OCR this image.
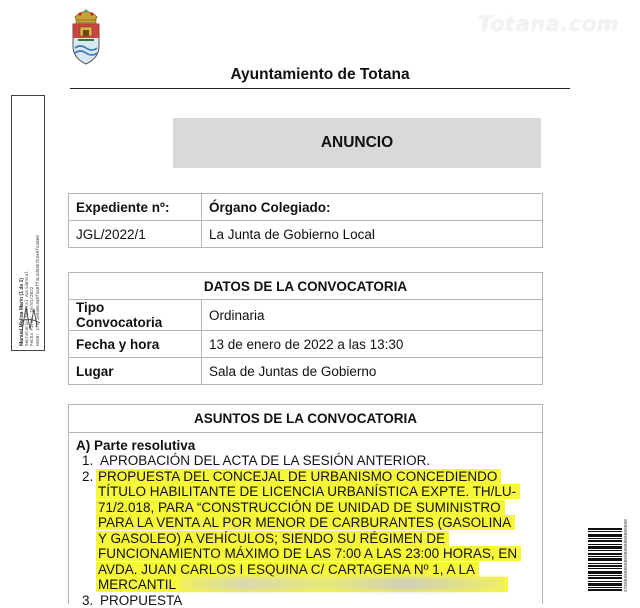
Totana.com
Ayuntamiento de Totana
Manuel Molina Marin (1 de 1) Secretario General Accidental Fecha Firma: 10/01/2022 HASH: 1f9f1e9a8c4a8f3a0ff4c3d56b7b2e9fa18e0
ANUNCIO
Expediente nº:	Órgano Colegiado:
JGL/2022/1	La Junta de Gobierno Local
DATOS DE LA CONVOCATORIA	
Tipo Convocatoria	Ordinaria
Fecha y hora	13 de enero de 2022 a las 13:30
Lugar	Sala de Juntas de Gobierno
ASUNTOS DE LA CONVOCATORIA
A) Parte resolutiva
1. APROBACIÓN DEL ACTA DE LA SESIÓN ANTERIOR.
2. PROPUESTA DEL CONCEJAL DE URBANISMO CONCEDIENDO
TÍTULO HABILITANTE DE LICENCIA URBANÍSTICA EXPTE. TH/LU-
71/2.018, PARA “CONSTRUCCIÓN DE UNIDAD DE SUMINISTRO
PARA LA VENTA AL POR MENOR DE CARBURANTES (GASOLINA
Y GASOLEO) A VEHÍCULOS; SIENDO SU RÉGIMEN DE
FUNCIONAMIENTO MÁXIMO DE LAS 7:00 A LAS 23:00 HORAS, EN
AVDA. JUAN CARLOS I ESQUINA C/ CARTAGENA Nº 1, A LA
MERCANTIL
3. PROPUESTA
XY0000000000000000000000000
